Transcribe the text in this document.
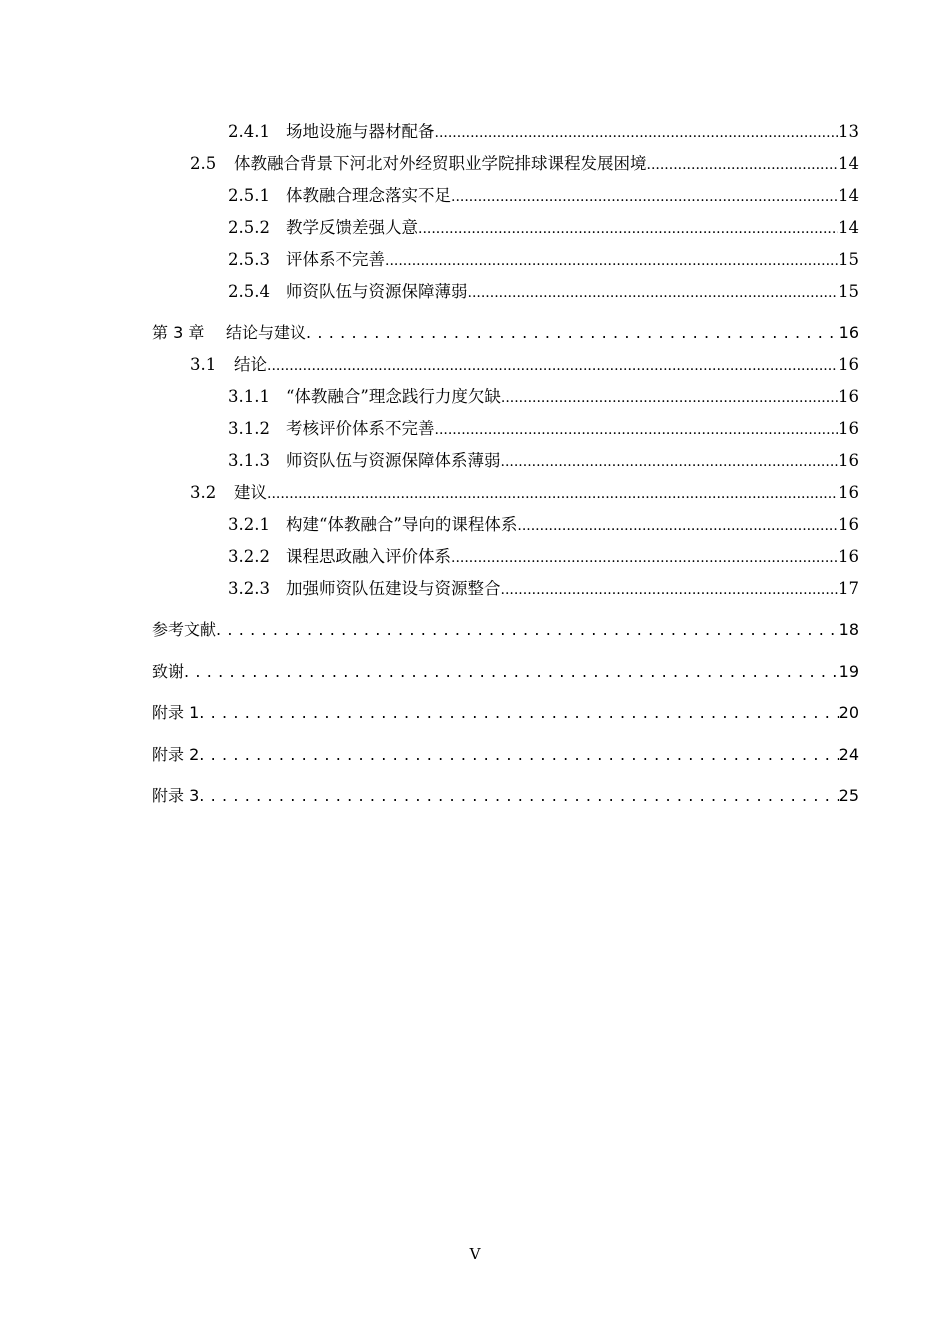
2.4.1 场地设施与器材配备 .....	13
2.5	体教融合背景下河北对外经贸职业学院排球课程发展困境 .....	14
2.5.1 体教融合理念落实不足 .....	14
2.5.2 教学反馈差强人意 .....	14
2.5.3 评体系不完善 .....	15
2.5.4 师资队伍与资源保障薄弱 .....	15
第 3 章	结论与建议 . . .	16
3.1	结论 .....	16
3.1.1 “体教融合”理念践行力度欠缺 .....	16
3.1.2 考核评价体系不完善 .....	16
3.1.3 师资队伍与资源保障体系薄弱 .....	16
3.2	建议 .....	16
3.2.1 构建“体教融合”导向的课程体系 .....	16
3.2.2 课程思政融入评价体系 .....	16
3.2.3 加强师资队伍建设与资源整合 .....	17
参考文献 . . .	18
致谢 . . .	19
附录 1 . . .	20
附录 2 . . .	24
附录 3 . . .	25
V
